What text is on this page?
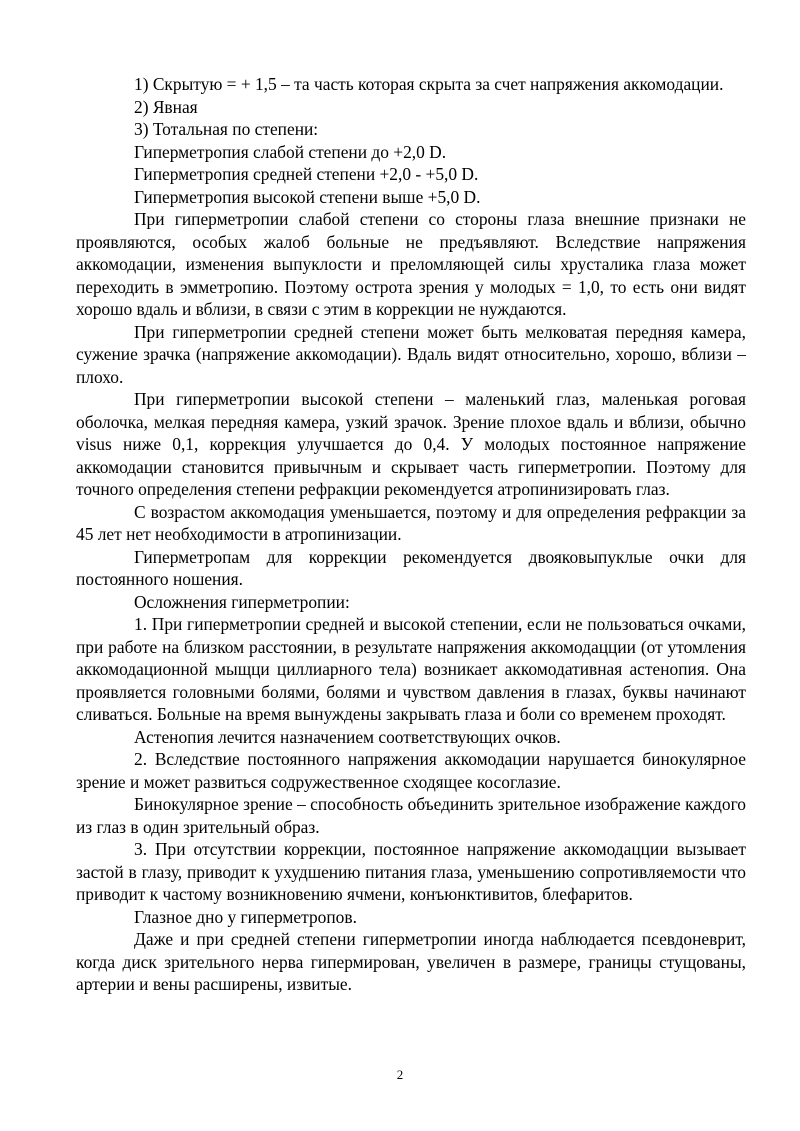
1) Скрытую = + 1,5 – та часть которая скрыта за счет напряжения аккомодации.

2) Явная

3) Тотальная по степени:

Гиперметропия слабой степени до +2,0 D.

Гиперметропия средней степени +2,0 - +5,0 D.

Гиперметропия высокой степени выше +5,0 D.

При гиперметропии слабой степени со стороны глаза внешние признаки не проявляются, особых жалоб больные не предъявляют. Вследствие напряжения аккомодации, изменения выпуклости и преломляющей силы хрусталика глаза может переходить в эмметропию. Поэтому острота зрения у молодых = 1,0, то есть они видят хорошо вдаль и вблизи, в связи с этим в коррекции не нуждаются.

При гиперметропии средней степени может быть мелковатая передняя камера, сужение зрачка (напряжение аккомодации). Вдаль видят относительно, хорошо, вблизи – плохо.

При гиперметропии высокой степени – маленький глаз, маленькая роговая оболочка, мелкая передняя камера, узкий зрачок. Зрение плохое вдаль и вблизи, обычно visus ниже 0,1, коррекция улучшается до 0,4. У молодых постоянное напряжение аккомодации становится привычным и скрывает часть гиперметропии. Поэтому для точного определения степени рефракции рекомендуется атропинизировать глаз.

С возрастом аккомодация уменьшается, поэтому и для определения рефракции за 45 лет нет необходимости в атропинизации.

Гиперметропам для коррекции рекомендуется двояковыпуклые очки для постоянного ношения.

Осложнения гиперметропии:

1. При гиперметропии средней и высокой степении, если не пользоваться очками, при работе на близком расстоянии, в результате напряжения аккомодацции (от утомления аккомодационной мыщци циллиарного тела) возникает аккомодативная астенопия. Она проявляется головными болями, болями и чувством давления в глазах, буквы начинают сливаться. Больные на время вынуждены закрывать глаза и боли со временем проходят.

Астенопия лечится назначением соответствующих очков.

2. Вследствие постоянного напряжения аккомодации нарушается бинокулярное зрение и может развиться содружественное сходящее косоглазие.

Бинокулярное зрение – способность объединить зрительное изображение каждого из глаз в один зрительный образ.

3. При отсутствии коррекции, постоянное напряжение аккомодацции вызывает застой в глазу, приводит к ухудшению питания глаза, уменьшению сопротивляемости что приводит к частому возникновению ячмени, конъюнктивитов, блефаритов.

Глазное дно у гиперметропов.

Даже и при средней степени гиперметропии иногда наблюдается псевдоневрит, когда диск зрительного нерва гипермирован, увеличен в размере, границы стущованы, артерии и вены расширены, извитые.

2
